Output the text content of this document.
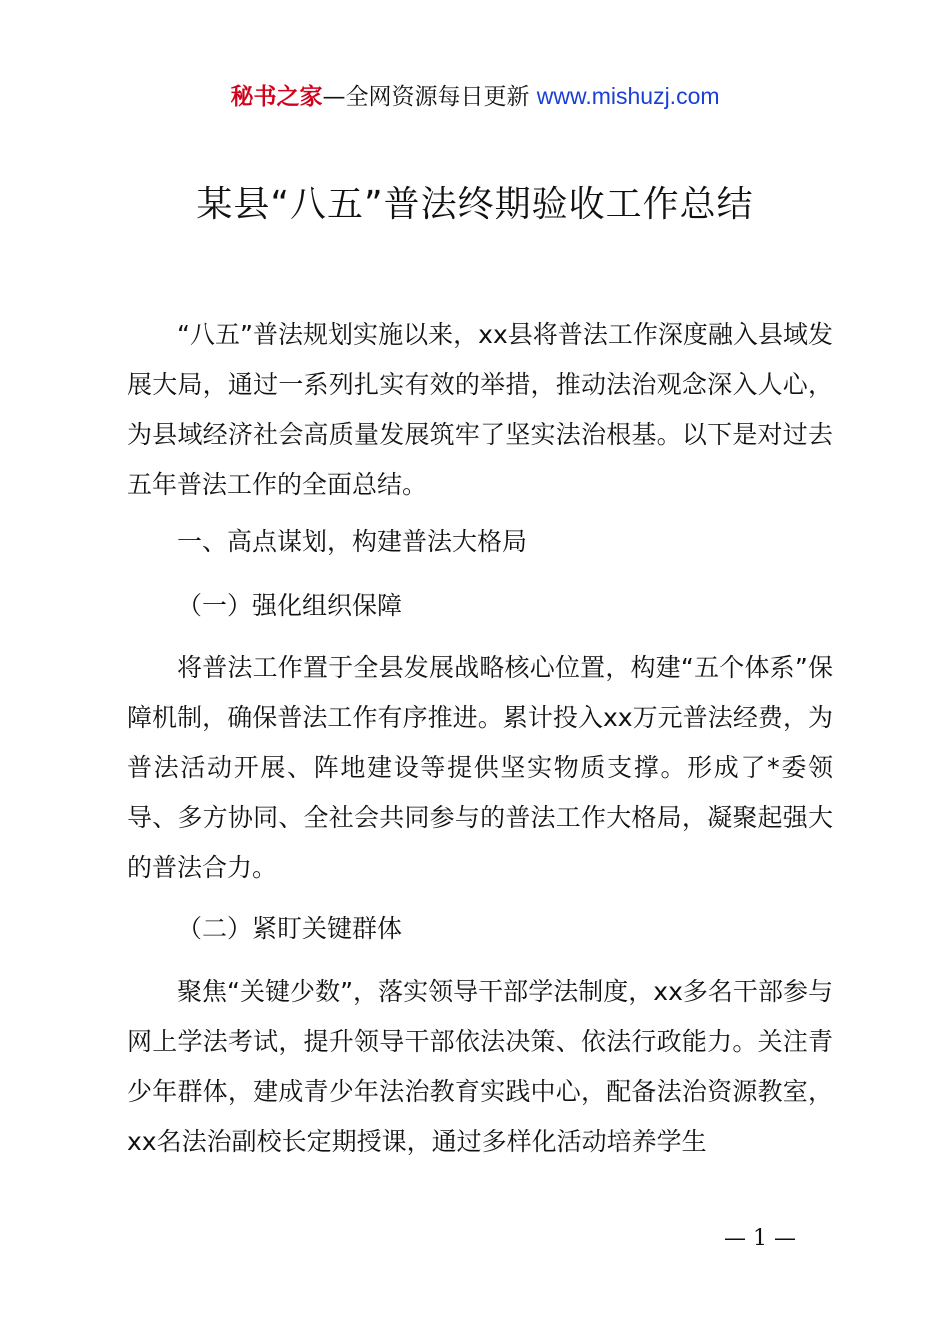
秘书之家—全网资源每日更新 www.mishuzj.com
某县“八五”普法终期验收工作总结

“八五”普法规划实施以来，xx县将普法工作深度融入县域发展大局，通过一系列扎实有效的举措，推动法治观念深入人心，为县域经济社会高质量发展筑牢了坚实法治根基。以下是对过去五年普法工作的全面总结。

一、高点谋划，构建普法大格局

（一）强化组织保障

将普法工作置于全县发展战略核心位置，构建“五个体系”保障机制，确保普法工作有序推进。累计投入xx万元普法经费，为普法活动开展、阵地建设等提供坚实物质支撑。形成了*委领导、多方协同、全社会共同参与的普法工作大格局，凝聚起强大的普法合力。

（二）紧盯关键群体

聚焦“关键少数”，落实领导干部学法制度，xx多名干部参与网上学法考试，提升领导干部依法决策、依法行政能力。关注青少年群体，建成青少年法治教育实践中心，配备法治资源教室，xx名法治副校长定期授课，通过多样化活动培养学生

— 1 —
